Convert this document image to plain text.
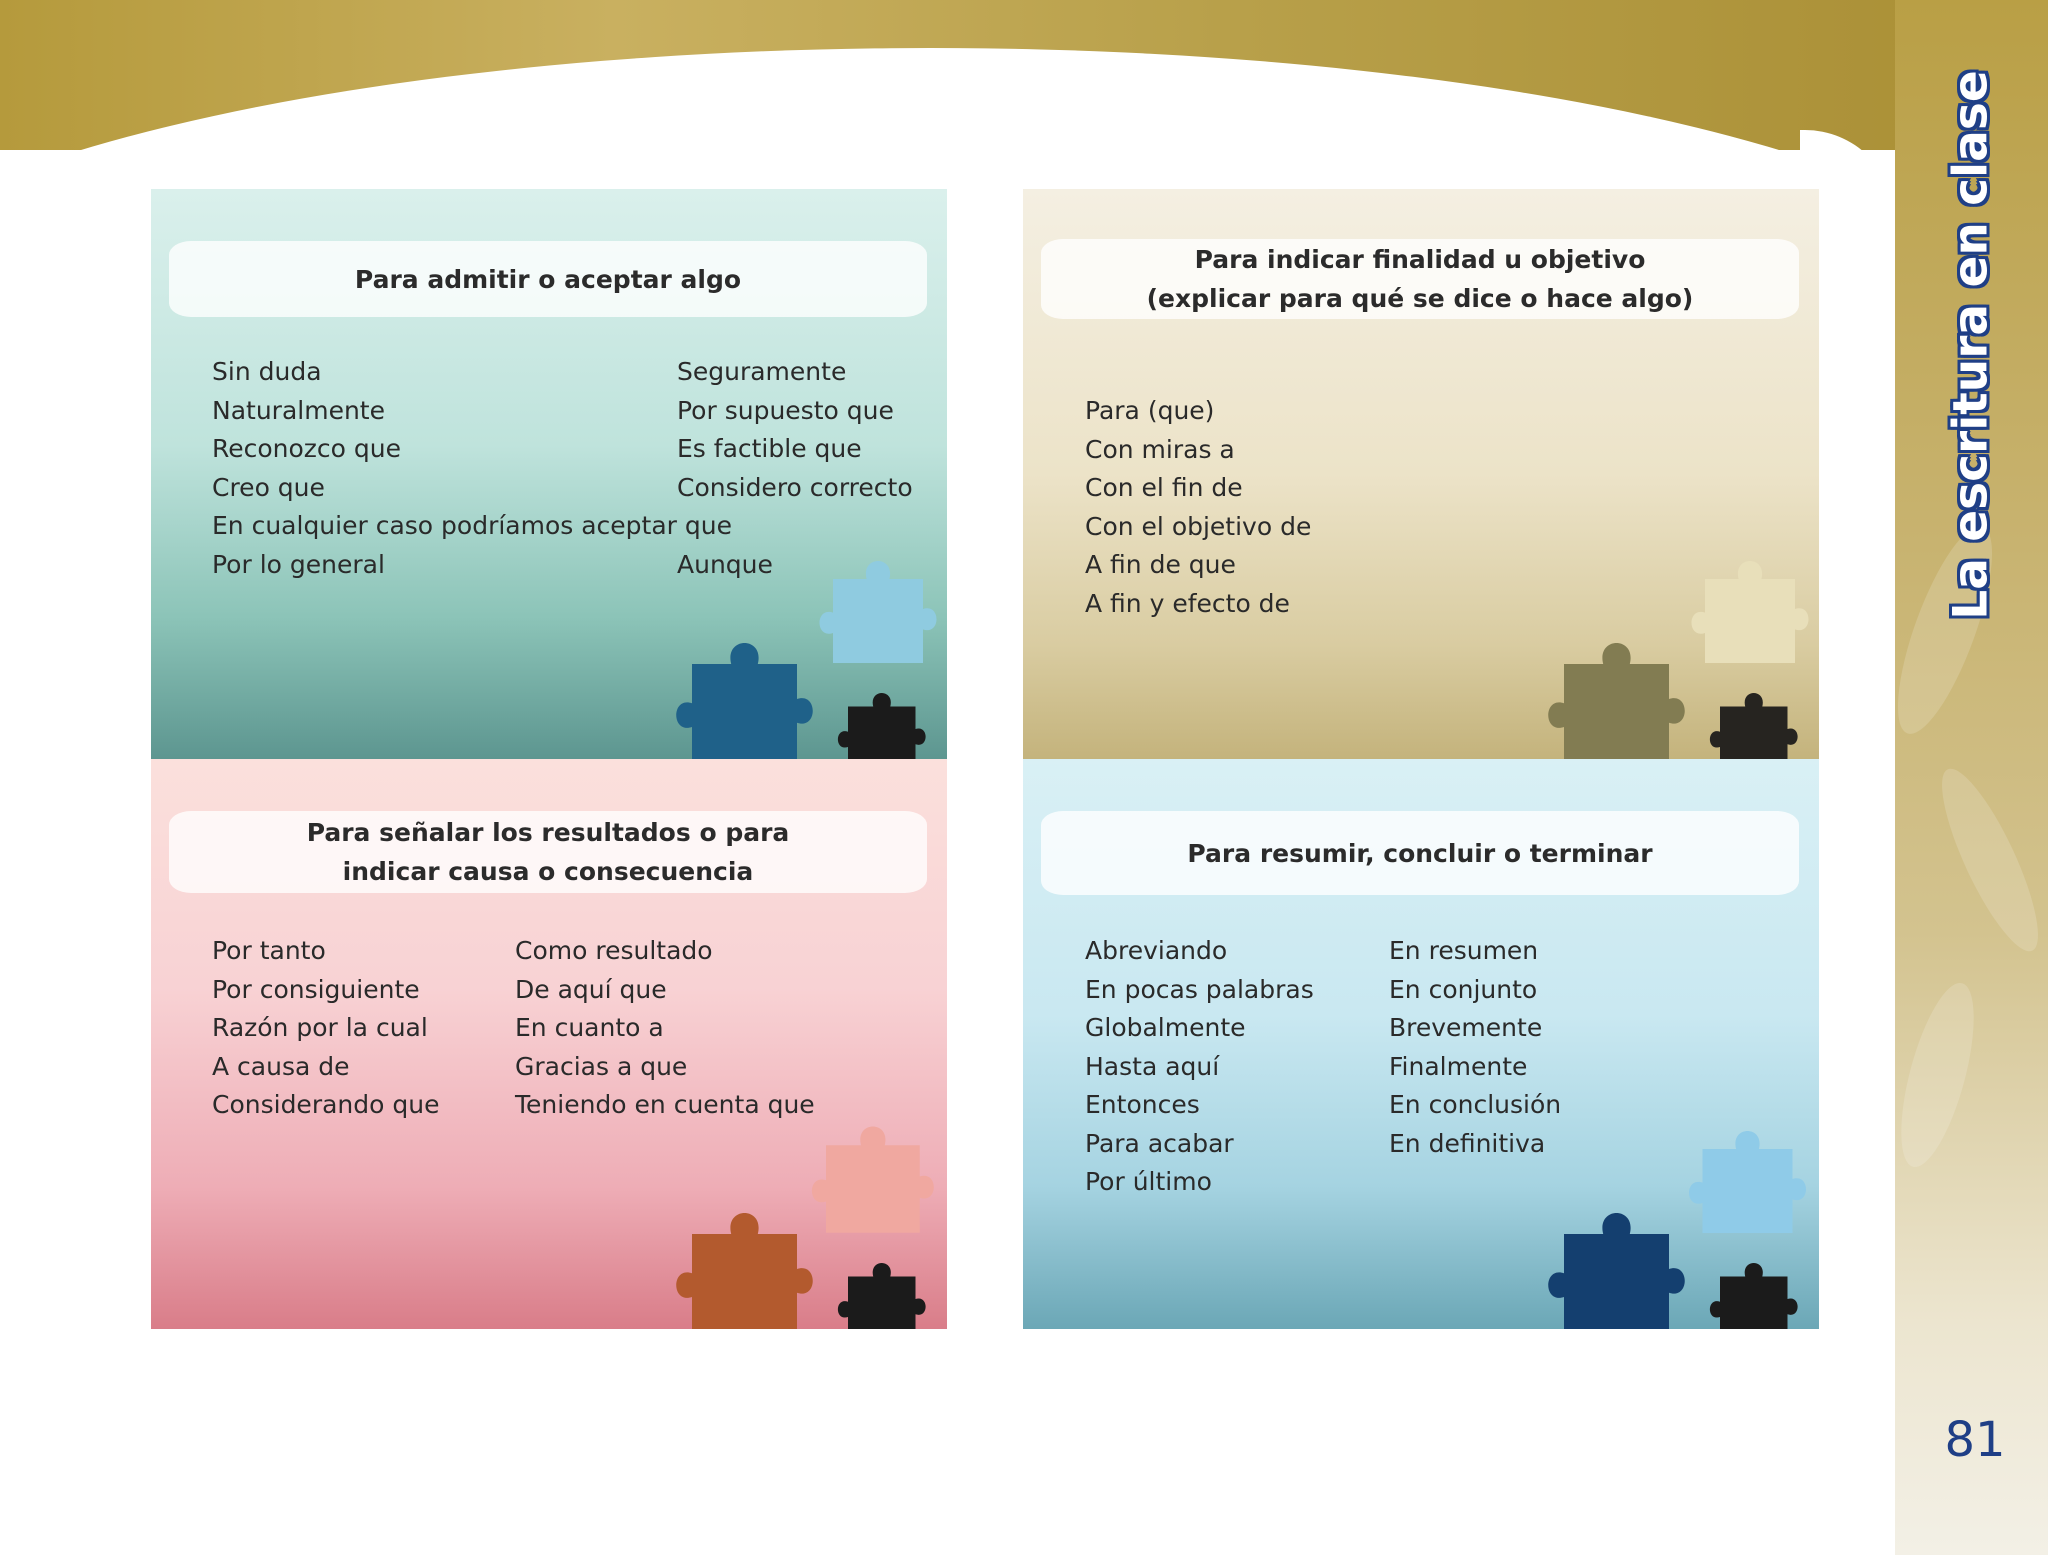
La escritura en clase
81
Para admitir o aceptar algo
Sin duda
Naturalmente
Reconozco que
Creo que
En cualquier caso podríamos aceptar que
Por lo general
Seguramente
Por supuesto que
Es factible que
Considero correcto
Aunque
Para indicar finalidad u objetivo
(explicar para qué se dice o hace algo)
Para (que)
Con miras a
Con el fin de
Con el objetivo de
A fin de que
A fin y efecto de
Para señalar los resultados o para
indicar causa o consecuencia
Por tanto
Por consiguiente
Razón por la cual
A causa de
Considerando que
Como resultado
De aquí que
En cuanto a
Gracias a que
Teniendo en cuenta que
Para resumir, concluir o terminar
Abreviando
En pocas palabras
Globalmente
Hasta aquí
Entonces
Para acabar
Por último
En resumen
En conjunto
Brevemente
Finalmente
En conclusión
En definitiva
